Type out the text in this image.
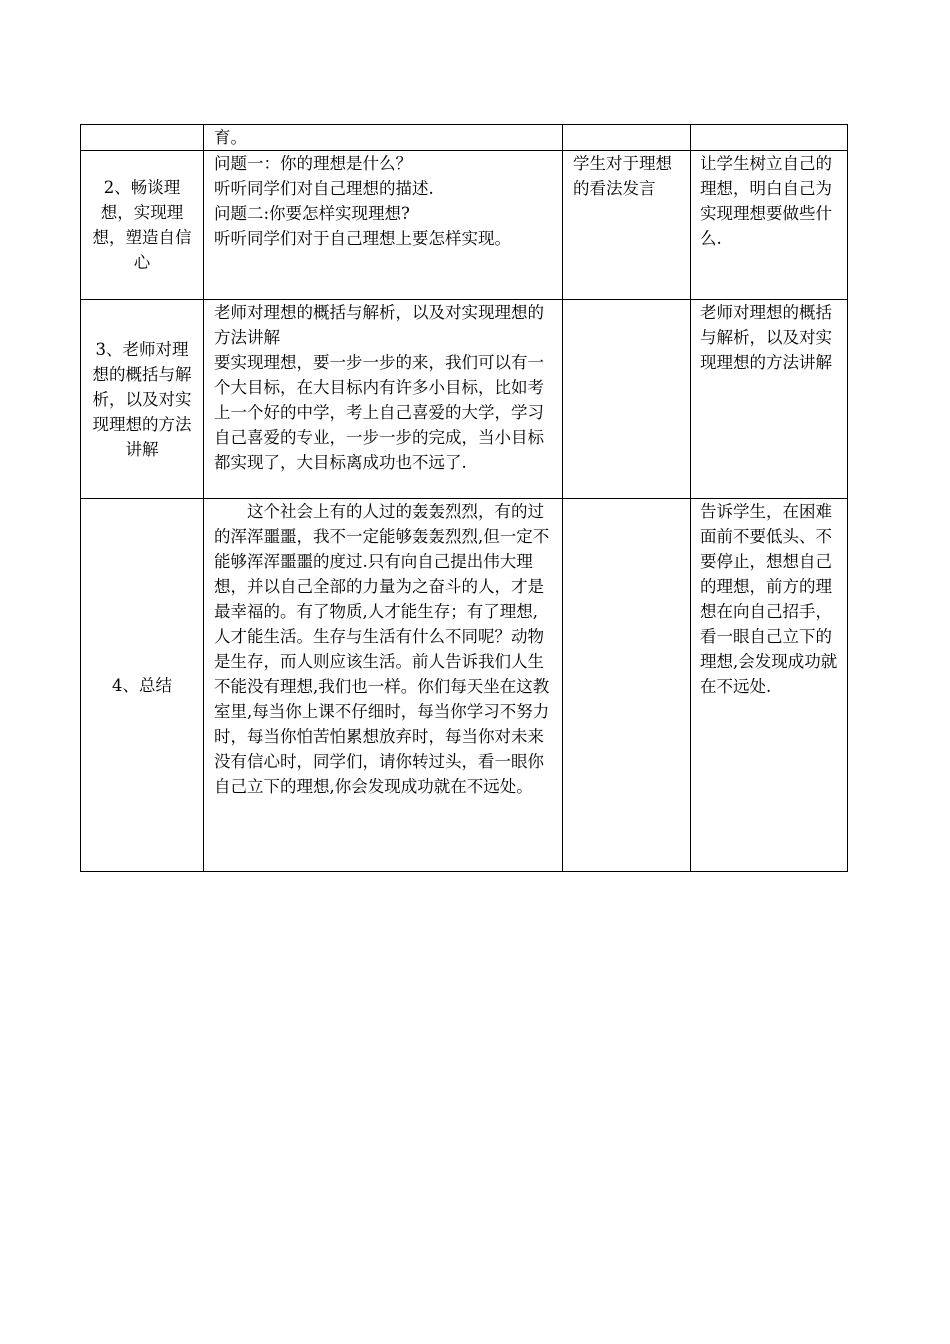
	育。		

2、畅谈理想，实现理想，塑造自信心	问题一：你的理想是什么？
听听同学们对自己理想的描述.
问题二:你要怎样实现理想?
听听同学们对于自己理想上要怎样实现。	学生对于理想的看法发言	让学生树立自己的理想，明白自己为实现理想要做些什么.
3、老师对理想的概括与解析，以及对实现理想的方法讲解	老师对理想的概括与解析，以及对实现理想的方法讲解
要实现理想，要一步一步的来，我们可以有一个大目标，在大目标内有许多小目标，比如考上一个好的中学，考上自己喜爱的大学，学习自己喜爱的专业，一步一步的完成，当小目标都实现了，大目标离成功也不远了.		老师对理想的概括与解析，以及对实现理想的方法讲解
4、总结	这个社会上有的人过的轰轰烈烈，有的过的浑浑噩噩，我不一定能够轰轰烈烈,但一定不能够浑浑噩噩的度过.只有向自己提出伟大理想，并以自己全部的力量为之奋斗的人，才是最幸福的。有了物质,人才能生存；有了理想,人才能生活。生存与生活有什么不同呢？动物是生存，而人则应该生活。前人告诉我们人生不能没有理想,我们也一样。你们每天坐在这教室里,每当你上课不仔细时，每当你学习不努力时，每当你怕苦怕累想放弃时，每当你对未来没有信心时，同学们，请你转过头，看一眼你自己立下的理想,你会发现成功就在不远处。		告诉学生，在困难面前不要低头、不要停止，想想自己的理想，前方的理想在向自己招手，看一眼自己立下的理想,会发现成功就在不远处.
